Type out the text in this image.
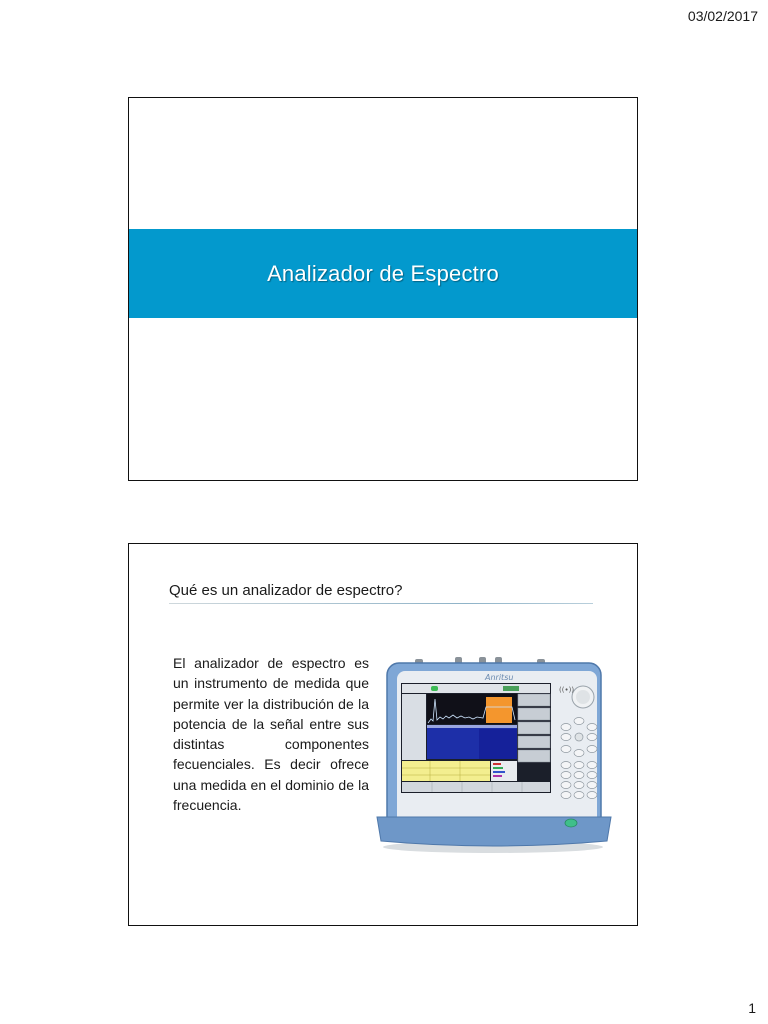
03/02/2017
Analizador de Espectro
Qué es un analizador de espectro?
El analizador de espectro es un instrumento de medida que permite ver la distribución de la potencia de la señal entre sus distintas componentes fecuenciales. Es decir ofrece una medida en el dominio de la frecuencia.
Anritsu
((•))
1
